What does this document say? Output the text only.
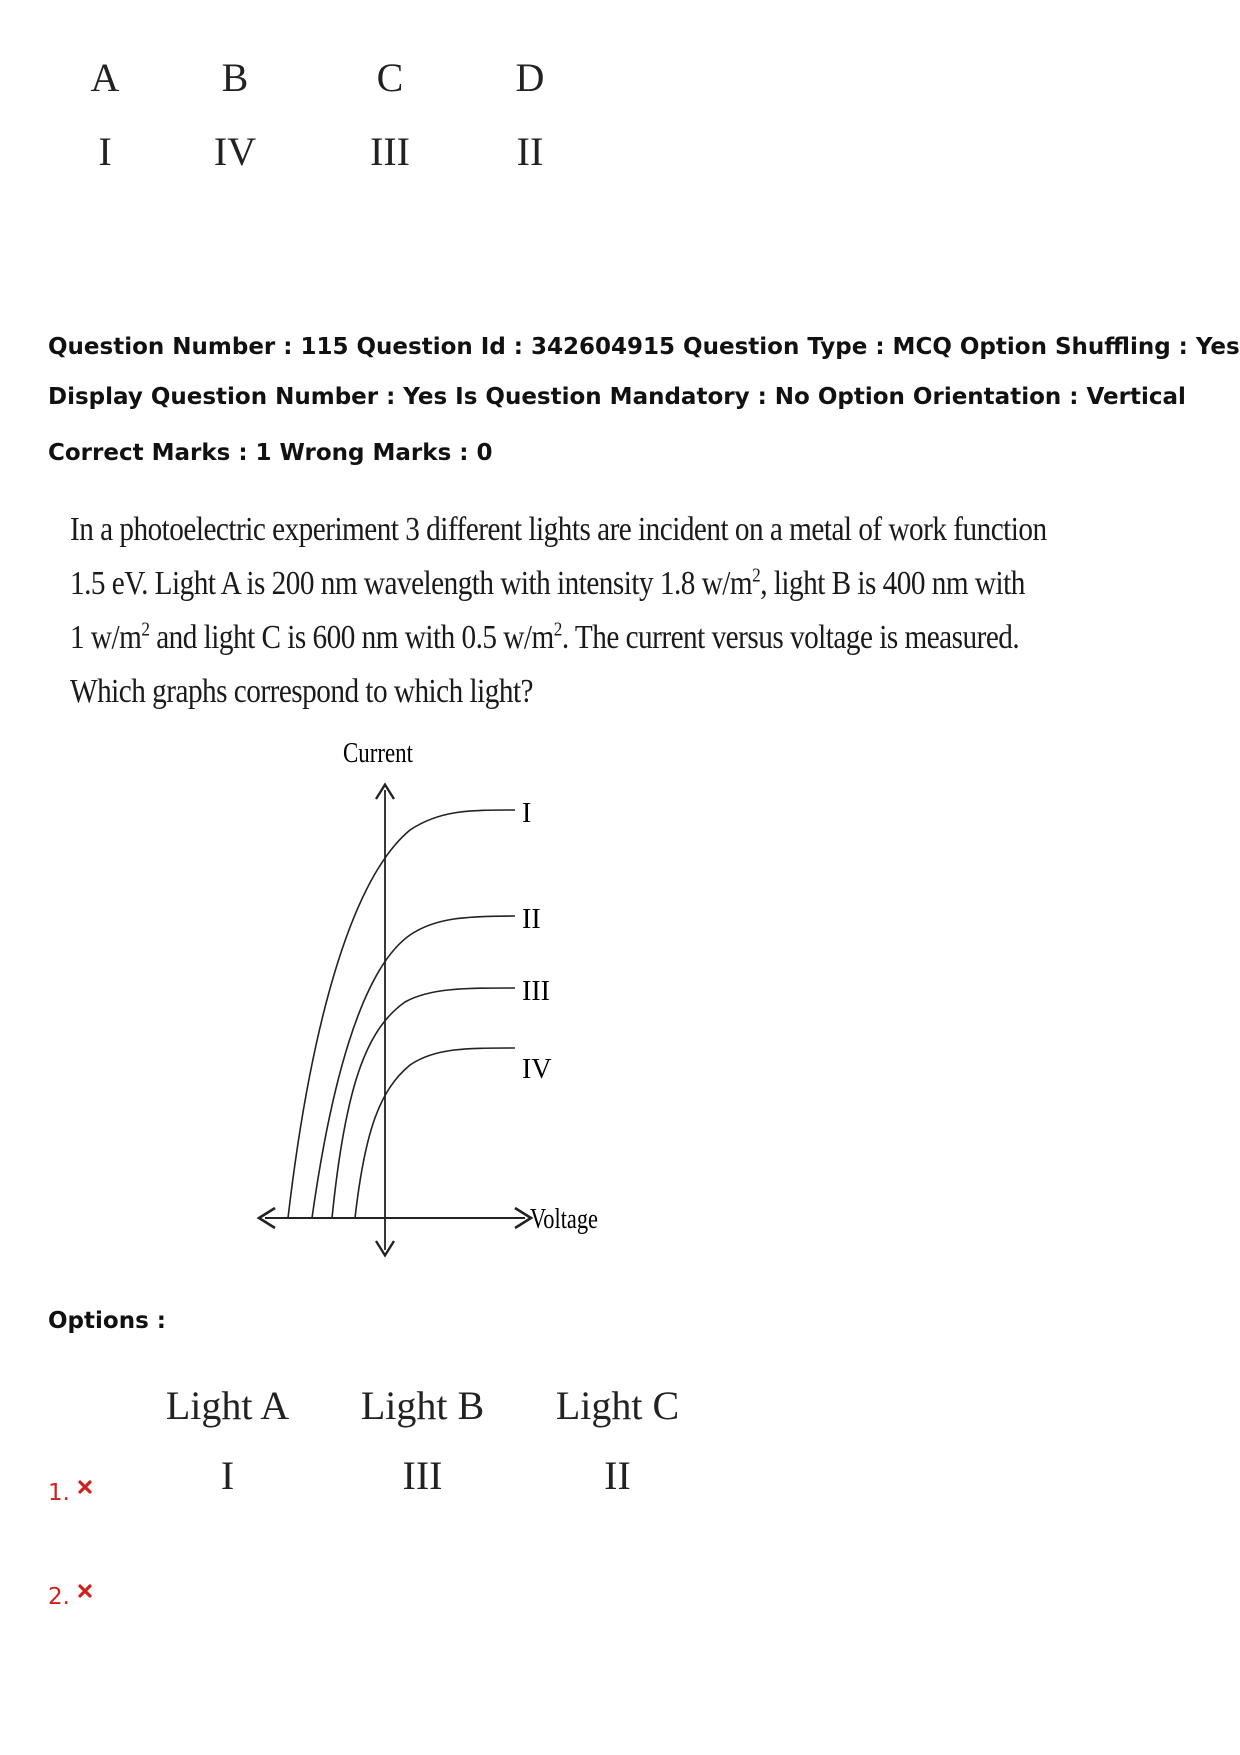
A	B	C	D
I	IV	III	II
Question Number : 115 Question Id : 342604915 Question Type : MCQ Option Shuffling : Yes
Display Question Number : Yes Is Question Mandatory : No Option Orientation : Vertical
Correct Marks : 1 Wrong Marks : 0

In a photoelectric experiment 3 different lights are incident on a metal of work function

1.5 eV. Light A is 200 nm wavelength with intensity 1.8 $w/m^2$, light B is 400 nm with

1 $w/m^2$ and light C is 600 nm with 0.5 $w/m^2$. The current versus voltage is measured.

Which graphs correspond to which light?

Current
Voltage
I
II
III
IV
Options :
Light A	Light B	Light C
I	III	II
1.
2.
